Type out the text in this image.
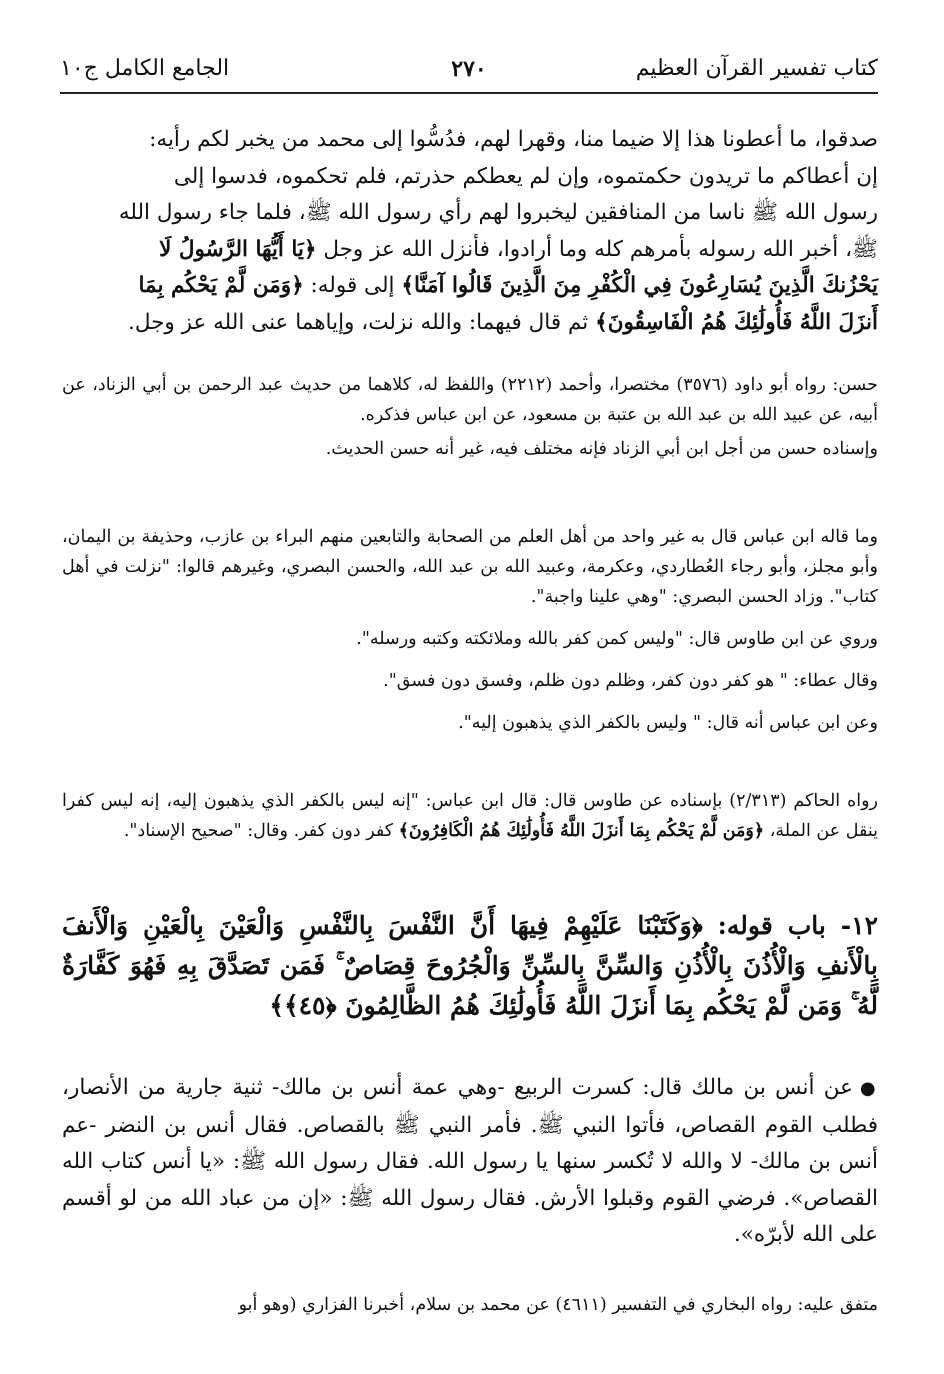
كتاب تفسير القرآن العظيم
٢٧٠
الجامع الكامل ج١٠

صدقوا، ما أعطونا هذا إلا ضيما منا، وقهرا لهم، فدُسُّوا إلى محمد من يخبر لكم رأيه:

إن أعطاكم ما تريدون حكمتموه، وإن لم يعطكم حذرتم، فلم تحكموه، فدسوا إلى

رسول الله ﷺ ناسا من المنافقين ليخبروا لهم رأي رسول الله ﷺ، فلما جاء رسول الله

ﷺ، أخبر الله رسوله بأمرهم كله وما أرادوا، فأنزل الله عز وجل ﴿يَا أَيُّهَا الرَّسُولُ لَا

يَحْزُنكَ الَّذِينَ يُسَارِعُونَ فِي الْكُفْرِ مِنَ الَّذِينَ قَالُوا آمَنَّا﴾ إلى قوله: ﴿وَمَن لَّمْ يَحْكُم بِمَا

أَنزَلَ اللَّهُ فَأُولَٰئِكَ هُمُ الْفَاسِقُونَ﴾ ثم قال فيهما: والله نزلت، وإياهما عنى الله عز وجل.

حسن: رواه أبو داود (٣٥٧٦) مختصرا، وأحمد (٢٢١٢) واللفظ له، كلاهما من حديث عبد الرحمن بن أبي الزناد، عن أبيه، عن عبيد الله بن عبد الله بن عتبة بن مسعود، عن ابن عباس فذكره.

وإسناده حسن من أجل ابن أبي الزناد فإنه مختلف فيه، غير أنه حسن الحديث.

وما قاله ابن عباس قال به غير واحد من أهل العلم من الصحابة والتابعين منهم البراء بن عازب، وحذيفة بن اليمان، وأبو مجلز، وأبو رجاء العُطاردي، وعكرمة، وعبيد الله بن عبد الله، والحسن البصري، وغيرهم قالوا: "نزلت في أهل كتاب". وزاد الحسن البصري: "وهي علينا واجبة".

وروي عن ابن طاوس قال: "وليس كمن كفر بالله وملائكته وكتبه ورسله".

وقال عطاء: " هو كفر دون كفر، وظلم دون ظلم، وفسق دون فسق".

وعن ابن عباس أنه قال: " وليس بالكفر الذي يذهبون إليه".

رواه الحاكم (٢/٣١٣) بإسناده عن طاوس قال: قال ابن عباس: "إنه ليس بالكفر الذي يذهبون إليه، إنه ليس كفرا ينقل عن الملة، ﴿وَمَن لَّمْ يَحْكُم بِمَا أَنزَلَ اللَّهُ فَأُولَٰئِكَ هُمُ الْكَافِرُونَ﴾ كفر دون كفر. وقال: "صحيح الإسناد".

١٢- باب قوله: ﴿وَكَتَبْنَا عَلَيْهِمْ فِيهَا أَنَّ النَّفْسَ بِالنَّفْسِ وَالْعَيْنَ بِالْعَيْنِ وَالْأَنفَ بِالْأَنفِ وَالْأُذُنَ بِالْأُذُنِ وَالسِّنَّ بِالسِّنِّ وَالْجُرُوحَ قِصَاصٌ ۚ فَمَن تَصَدَّقَ بِهِ فَهُوَ كَفَّارَةٌ لَّهُ ۚ وَمَن لَّمْ يَحْكُم بِمَا أَنزَلَ اللَّهُ فَأُولَٰئِكَ هُمُ الظَّالِمُونَ ﴿٤٥﴾﴾

● عن أنس بن مالك قال: كسرت الربيع -وهي عمة أنس بن مالك- ثنية جارية من الأنصار، فطلب القوم القصاص، فأتوا النبي ﷺ. فأمر النبي ﷺ بالقصاص. فقال أنس بن النضر -عم أنس بن مالك- لا والله لا تُكسر سنها يا رسول الله. فقال رسول الله ﷺ: «يا أنس كتاب الله القصاص». فرضي القوم وقبلوا الأرش. فقال رسول الله ﷺ: «إن من عباد الله من لو أقسم على الله لأبرّه».

متفق عليه: رواه البخاري في التفسير (٤٦١١) عن محمد بن سلام، أخبرنا الفزاري (وهو أبو
